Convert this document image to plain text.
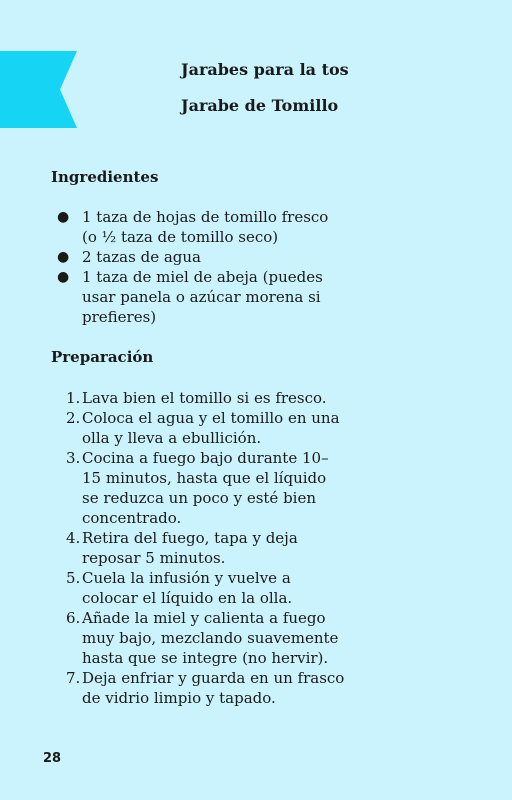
Jarabes para la tos
Jarabe de Tomillo
Ingredientes
● 1 taza de hojas de tomillo fresco (o ½ taza de tomillo seco)
● 2 tazas de agua
● 1 taza de miel de abeja (puedes usar panela o azúcar morena si prefieres)
Preparación
1. Lava bien el tomillo si es fresco.
2. Coloca el agua y el tomillo en una olla y lleva a ebullición.
3. Cocina a fuego bajo durante 10–15 minutos, hasta que el líquido se reduzca un poco y esté bien concentrado.
4. Retira del fuego, tapa y deja reposar 5 minutos.
5. Cuela la infusión y vuelve a colocar el líquido en la olla.
6. Añade la miel y calienta a fuego muy bajo, mezclando suavemente hasta que se integre (no hervir).
7. Deja enfriar y guarda en un frasco de vidrio limpio y tapado.
28
